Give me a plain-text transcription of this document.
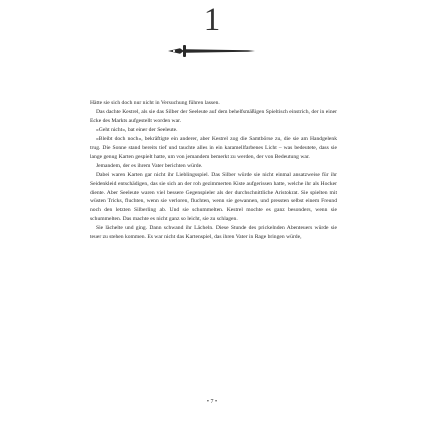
1

Hätte sie sich doch nur nicht in Versuchung führen lassen.

Das dachte Kestrel, als sie das Silber der Seeleute auf dem behelfsmäßigen Spieltisch einstrich, der in einer Ecke des Markts aufgestellt worden war.

»Geht nicht«, bat einer der Seeleute.

»Bleibt doch noch«, bekräftigte ein anderer, aber Kestrel zog die Samtbörse zu, die sie am Handgelenk trug. Die Sonne stand bereits tief und tauchte alles in ein karamellfarbenes Licht – was bedeutete, dass sie lange genug Karten gespielt hatte, um von jemandem bemerkt zu werden, der von Bedeutung war.

Jemandem, der es ihrem Vater berichten würde.

Dabei waren Karten gar nicht ihr Lieblingsspiel. Das Silber würde sie nicht einmal ansatzweise für ihr Seidenkleid entschädigen, das sie sich an der roh gezimmerten Kiste aufgerissen hatte, welche ihr als Hocker diente. Aber Seeleute waren viel bessere Gegenspieler als der durchschnittliche Aristokrat. Sie spielten mit wüsten Tricks, fluchten, wenn sie verloren, fluchten, wenn sie gewannen, und pressten selbst einem Freund noch den letzten Silberling ab. Und sie schummelten. Kestrel mochte es ganz besonders, wenn sie schummelten. Das machte es nicht ganz so leicht, sie zu schlagen.

Sie lächelte und ging. Dann schwand ihr Lächeln. Diese Stunde des prickelnden Abenteuers würde sie teuer zu stehen kommen. Es war nicht das Kartenspiel, das ihren Vater in Rage bringen würde,

• 7 •
